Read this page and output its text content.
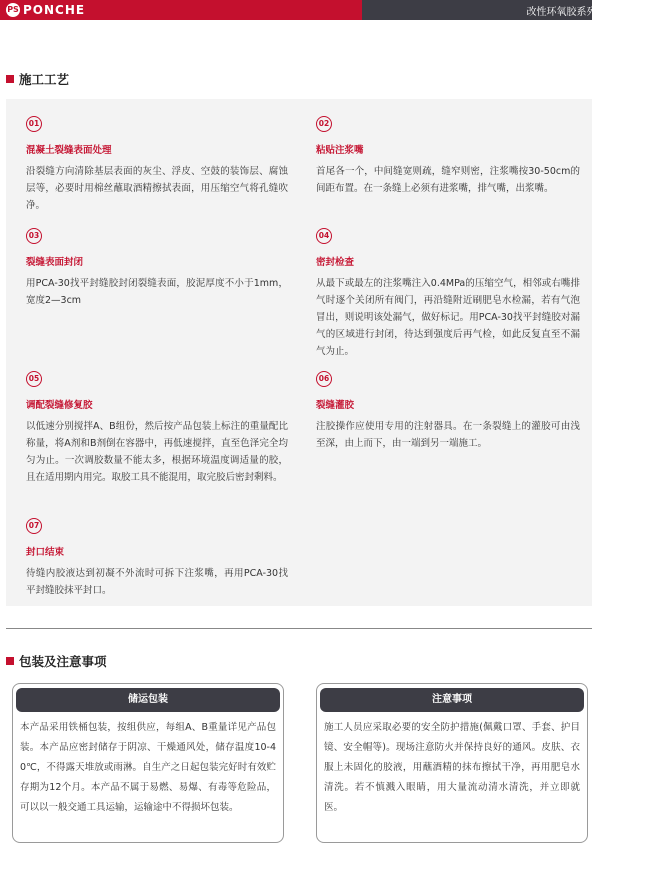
PS PONCHE	改性环氧胶系列 PCA-100
施工工艺
01
混凝土裂缝表面处理
沿裂缝方向清除基层表面的灰尘、浮皮、空鼓的装饰层、腐蚀层等，必要时用棉丝蘸取酒精擦拭表面，用压缩空气将孔缝吹净。
02
粘贴注浆嘴
首尾各一个，中间缝宽则疏，缝窄则密，注浆嘴按30-50cm的间距布置。在一条缝上必须有进浆嘴，排气嘴，出浆嘴。
03
裂缝表面封闭
用PCA-30找平封缝胶封闭裂缝表面，胶泥厚度不小于1mm，宽度2—3cm
04
密封检查
从最下或最左的注浆嘴注入0.4MPa的压缩空气，相邻或右嘴排气时逐个关闭所有阀门，再沿缝附近刷肥皂水检漏，若有气泡冒出，则说明该处漏气，做好标记。用PCA-30找平封缝胶对漏气的区域进行封闭，待达到强度后再气检，如此反复直至不漏气为止。
05
调配裂缝修复胶
以低速分别搅拌A、B组份，然后按产品包装上标注的重量配比称量，将A剂和B剂倒在容器中，再低速搅拌，直至色泽完全均匀为止。一次调胶数量不能太多，根据环境温度调适量的胶，且在适用期内用完。取胶工具不能混用，取完胶后密封剩料。
06
裂缝灌胶
注胶操作应使用专用的注射器具。在一条裂缝上的灌胶可由浅至深，由上而下，由一端到另一端施工。
07
封口结束
待缝内胶液达到初凝不外流时可拆下注浆嘴，再用PCA-30找平封缝胶抹平封口。
包装及注意事项
储运包装
本产品采用铁桶包装，按组供应，每组A、B重量详见产品包装。本产品应密封储存于阴凉、干燥通风处，储存温度10-40℃，不得露天堆放或雨淋。自生产之日起包装完好时有效贮存期为12个月。本产品不属于易燃、易爆、有毒等危险品，可以以一般交通工具运输，运输途中不得损坏包装。
注意事项
施工人员应采取必要的安全防护措施(佩戴口罩、手套、护目镜、安全帽等)。现场注意防火并保持良好的通风。皮肤、衣服上未固化的胶液，用蘸酒精的抹布擦拭干净，再用肥皂水清洗。若不慎溅入眼睛，用大量流动清水清洗，并立即就医。
